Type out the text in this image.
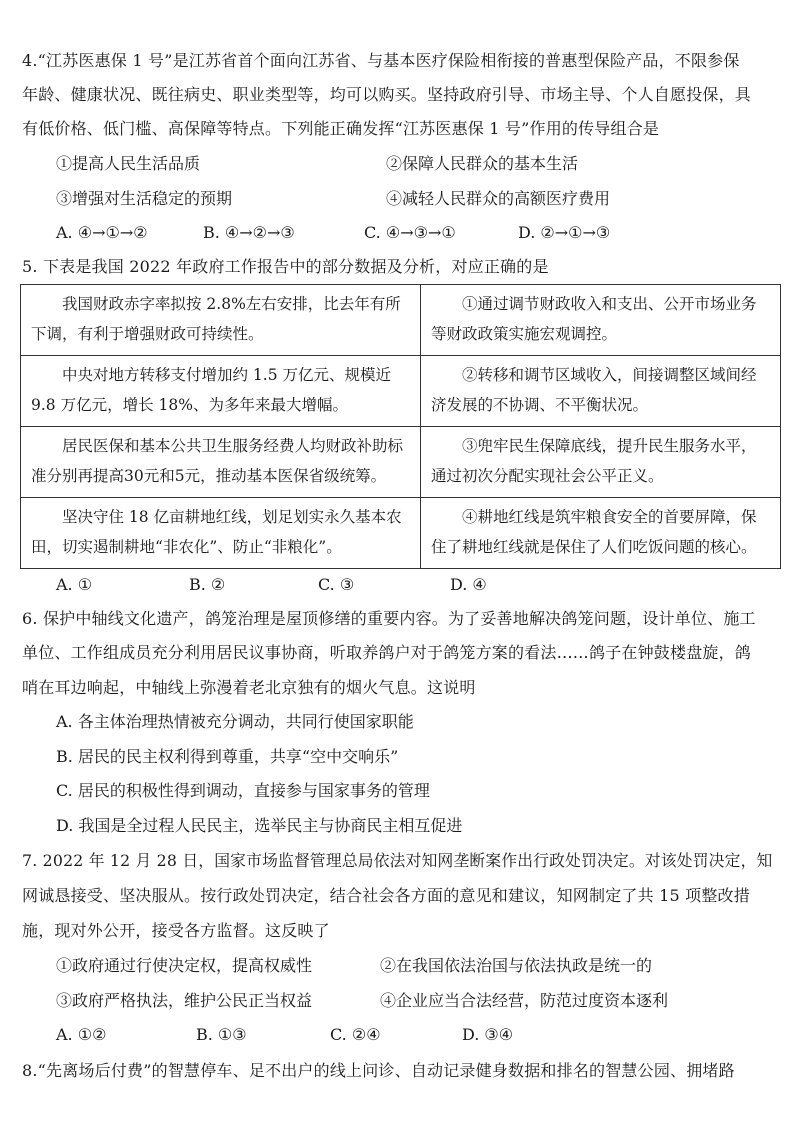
4.“江苏医惠保 1 号”是江苏省首个面向江苏省、与基本医疗保险相衔接的普惠型保险产品，不限参保
年龄、健康状况、既往病史、职业类型等，均可以购买。坚持政府引导、市场主导、个人自愿投保，具
有低价格、低门槛、高保障等特点。下列能正确发挥“江苏医惠保 1 号”作用的传导组合是
①提高人民生活品质	②保障人民群众的基本生活
③增强对生活稳定的预期	④减轻人民群众的高额医疗费用
A. ④→①→②	B. ④→②→③	C. ④→③→①	D. ②→①→③
5. 下表是我国 2022 年政府工作报告中的部分数据及分析，对应正确的是
我国财政赤字率拟按 2.8%左右安排，比去年有所下调，有利于增强财政可持续性。	①通过调节财政收入和支出、公开市场业务等财政政策实施宏观调控。

中央对地方转移支付增加约 1.5 万亿元、规模近 9.8 万亿元，增长 18%、为多年来最大增幅。	②转移和调节区域收入，间接调整区域间经济发展的不协调、不平衡状况。

居民医保和基本公共卫生服务经费人均财政补助标准分别再提高30元和5元，推动基本医保省级统筹。	③兜牢民生保障底线，提升民生服务水平，通过初次分配实现社会公平正义。

坚决守住 18 亿亩耕地红线，划足划实永久基本农田，切实遏制耕地“非农化”、防止“非粮化”。	④耕地红线是筑牢粮食安全的首要屏障，保住了耕地红线就是保住了人们吃饭问题的核心。
A. ①	B. ②	C. ③	D. ④
6. 保护中轴线文化遗产，鸽笼治理是屋顶修缮的重要内容。为了妥善地解决鸽笼问题，设计单位、施工
单位、工作组成员充分利用居民议事协商，听取养鸽户对于鸽笼方案的看法……鸽子在钟鼓楼盘旋，鸽
哨在耳边响起，中轴线上弥漫着老北京独有的烟火气息。这说明
A. 各主体治理热情被充分调动，共同行使国家职能
B. 居民的民主权利得到尊重，共享“空中交响乐”
C. 居民的积极性得到调动，直接参与国家事务的管理
D. 我国是全过程人民民主，选举民主与协商民主相互促进
7. 2022 年 12 月 28 日，国家市场监督管理总局依法对知网垄断案作出行政处罚决定。对该处罚决定，知
网诚恳接受、坚决服从。按行政处罚决定，结合社会各方面的意见和建议，知网制定了共 15 项整改措
施，现对外公开，接受各方监督。这反映了
①政府通过行使决定权，提高权威性	②在我国依法治国与依法执政是统一的
③政府严格执法，维护公民正当权益	④企业应当合法经营，防范过度资本逐利
A. ①②	B. ①③	C. ②④	D. ③④
8.“先离场后付费”的智慧停车、足不出户的线上问诊、自动记录健身数据和排名的智慧公园、拥堵路
